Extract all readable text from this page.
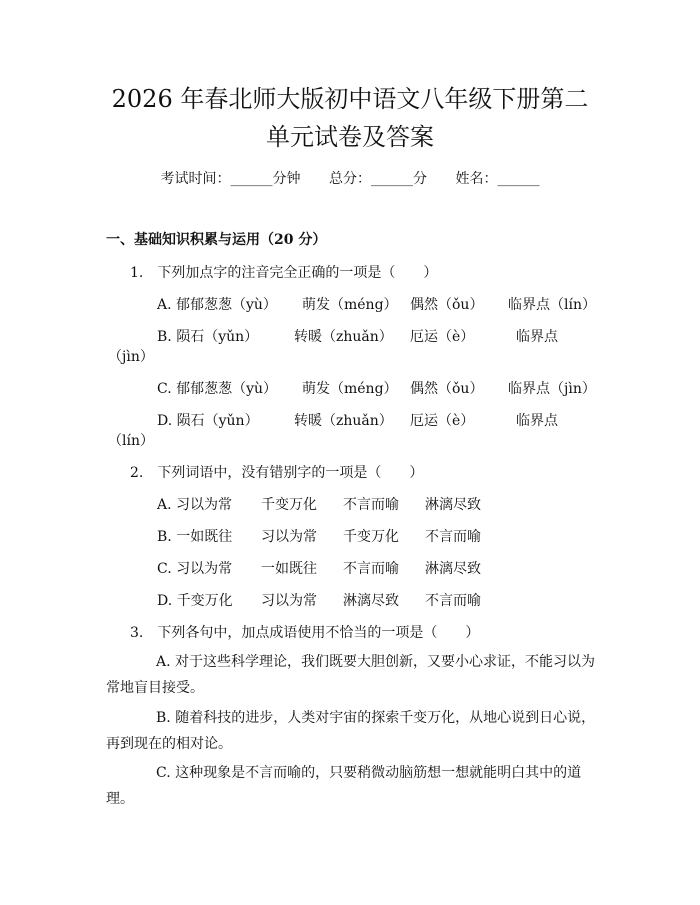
2026 年春北师大版初中语文八年级下册第二
单元试卷及答案
考试时间：______分钟 总分：______分 姓名：______
一、基础知识积累与运用（20 分）
1.　下列加点字的注音完全正确的一项是（　　）
A. 郁郁葱葱（yù） 萌发（méng） 偶然（ǒu） 临界点（lín）
B. 陨石（yǔn）	转暖（zhuǎn） 厄运（è）	临界点
（jìn）
C. 郁郁葱葱（yù） 萌发（méng） 偶然（ǒu） 临界点（jìn）
D. 陨石（yǔn）	转暖（zhuǎn） 厄运（è）	临界点
（lín）
2.　下列词语中，没有错别字的一项是（　　）
A. 习以为常 千变万化 不言而喻 淋漓尽致
B. 一如既往 习以为常 千变万化 不言而喻
C. 习以为常 一如既往 不言而喻 淋漓尽致
D. 千变万化 习以为常 淋漓尽致 不言而喻
3.　下列各句中，加点成语使用不恰当的一项是（　　）
A. 对于这些科学理论，我们既要大胆创新，又要小心求证，不能习以为常地盲目接受。
B. 随着科技的进步，人类对宇宙的探索千变万化，从地心说到日心说，再到现在的相对论。
C. 这种现象是不言而喻的，只要稍微动脑筋想一想就能明白其中的道理。
